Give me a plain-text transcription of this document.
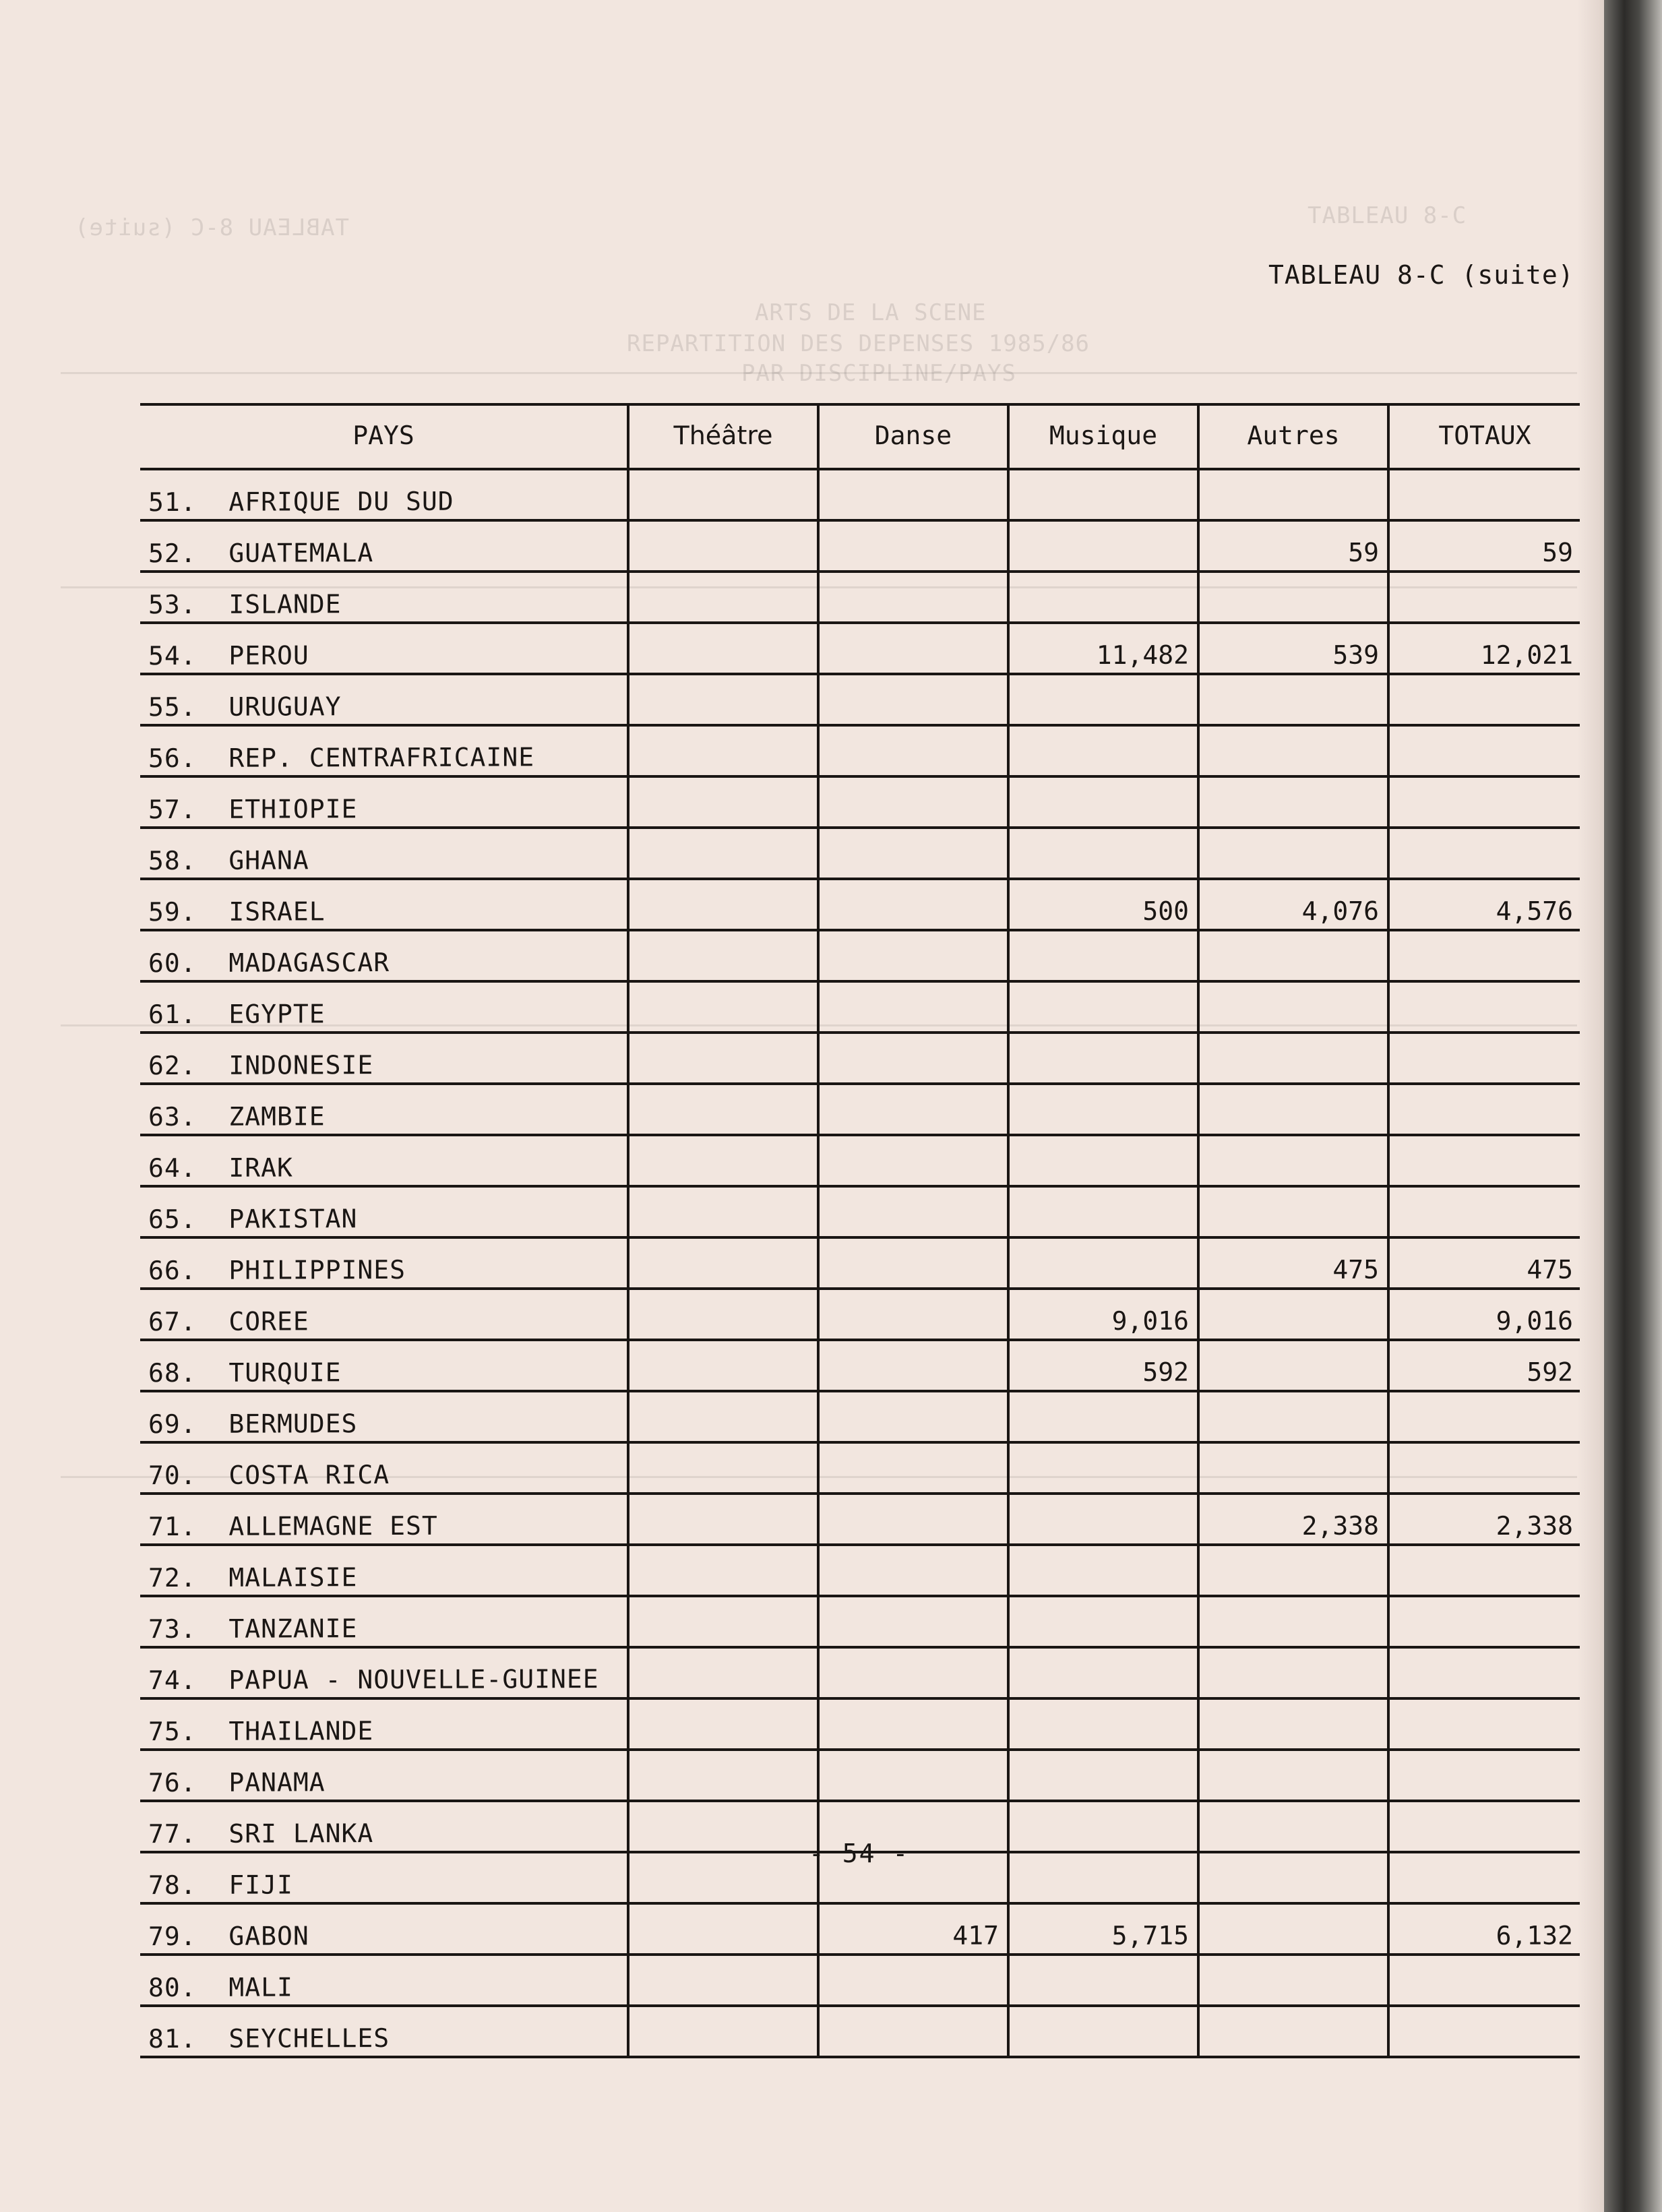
TABLEAU 8-C (suite)	TABLEAU 8-C
ARTS DE LA SCENE
REPARTITION DES DEPENSES 1985/86
PAR DISCIPLINE/PAYS
TABLEAU 8-C (suite)
PAYS	Théâtre	Danse	Musique	Autres	TOTAUX
51.  AFRIQUE DU SUD					
52.  GUATEMALA				59	59
53.  ISLANDE					
54.  PEROU			11,482	539	12,021
55.  URUGUAY					
56.  REP. CENTRAFRICAINE					
57.  ETHIOPIE					
58.  GHANA					
59.  ISRAEL			500	4,076	4,576
60.  MADAGASCAR					
61.  EGYPTE					
62.  INDONESIE					
63.  ZAMBIE					
64.  IRAK					
65.  PAKISTAN					
66.  PHILIPPINES				475	475
67.  COREE			9,016		9,016
68.  TURQUIE			592		592
69.  BERMUDES					
70.  COSTA RICA					
71.  ALLEMAGNE EST				2,338	2,338
72.  MALAISIE					
73.  TANZANIE					
74.  PAPUA - NOUVELLE-GUINEE					
75.  THAILANDE					
76.  PANAMA					
77.  SRI LANKA					
78.  FIJI					
79.  GABON		417	5,715		6,132
80.  MALI					
81.  SEYCHELLES					
- 54 -
